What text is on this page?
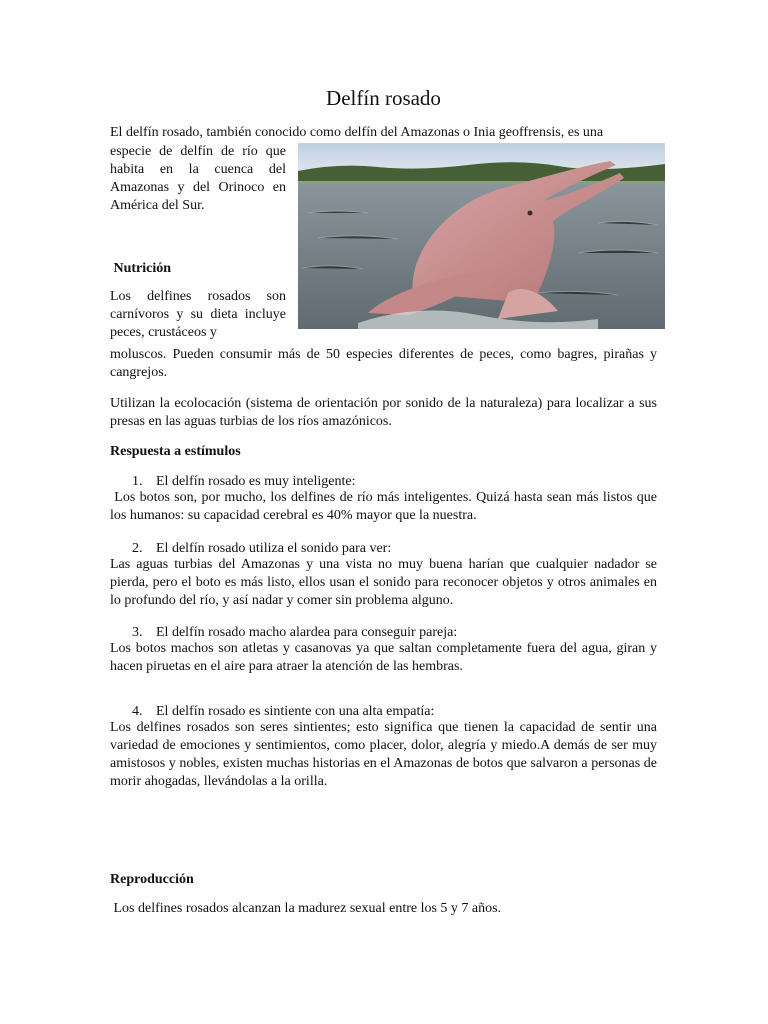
Delfín rosado

El delfín rosado, también conocido como delfín del Amazonas o Inia geoffrensis, es una

especie de delfín de río que habita en la cuenca del Amazonas y del Orinoco en América del Sur.

Nutrición

Los delfines rosados son carnívoros y su dieta incluye peces, crustáceos y

moluscos. Pueden consumir más de 50 especies diferentes de peces, como bagres, pirañas y cangrejos.

Utilizan la ecolocación (sistema de orientación por sonido de la naturaleza) para localizar a sus presas en las aguas turbias de los ríos amazónicos.

Respuesta a estímulos

1. El delfín rosado es muy inteligente:

Los botos son, por mucho, los delfines de río más inteligentes. Quizá hasta sean más listos que los humanos: su capacidad cerebral es 40% mayor que la nuestra.

2. El delfín rosado utiliza el sonido para ver:

Las aguas turbias del Amazonas y una vista no muy buena harían que cualquier nadador se pierda, pero el boto es más listo, ellos usan el sonido para reconocer objetos y otros animales en lo profundo del río, y así nadar y comer sin problema alguno.

3. El delfín rosado macho alardea para conseguir pareja:

Los botos machos son atletas y casanovas ya que saltan completamente fuera del agua, giran y hacen piruetas en el aire para atraer la atención de las hembras.

4. El delfín rosado es sintiente con una alta empatía:

Los delfines rosados son seres sintientes; esto significa que tienen la capacidad de sentir una variedad de emociones y sentimientos, como placer, dolor, alegría y miedo.A demás de ser muy amistosos y nobles, existen muchas historias en el Amazonas de botos que salvaron a personas de morir ahogadas, llevándolas a la orilla.

Reproducción

Los delfines rosados alcanzan la madurez sexual entre los 5 y 7 años.
